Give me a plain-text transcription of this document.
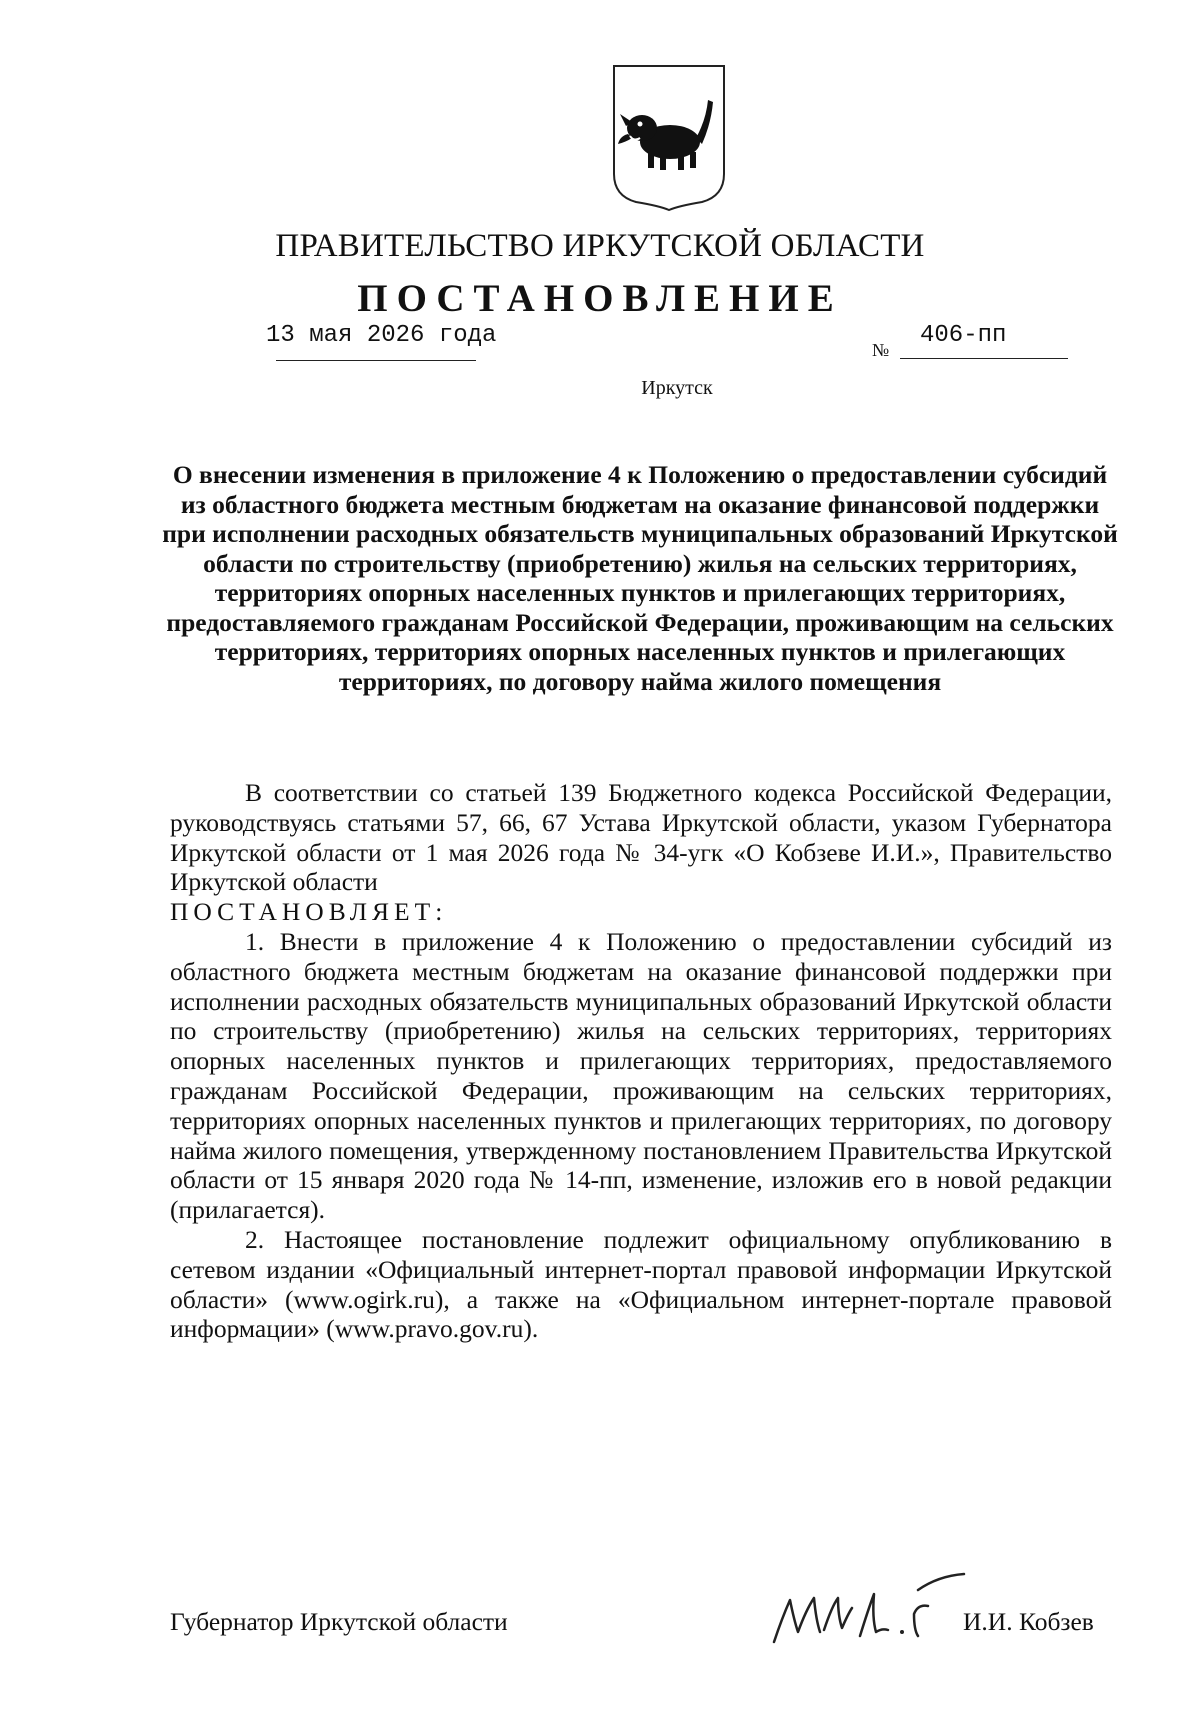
ПРАВИТЕЛЬСТВО ИРКУТСКОЙ ОБЛАСТИ
ПОСТАНОВЛЕНИЕ
13 мая 2026 года
№
406-пп
Иркутск
О внесении изменения в приложение 4 к Положению о предоставлении субсидий из областного бюджета местным бюджетам на оказание финансовой поддержки при исполнении расходных обязательств муниципальных образований Иркутской области по строительству (приобретению) жилья на сельских территориях, территориях опорных населенных пунктов и прилегающих территориях, предоставляемого гражданам Российской Федерации, проживающим на сельских территориях, территориях опорных населенных пунктов и прилегающих территориях, по договору найма жилого помещения

В соответствии со статьей 139 Бюджетного кодекса Российской Федерации, руководствуясь статьями 57, 66, 67 Устава Иркутской области, указом Губернатора Иркутской области от 1 мая 2026 года № 34-угк «О Кобзеве И.И.», Правительство Иркутской области

ПОСТАНОВЛЯЕТ:

1. Внести в приложение 4 к Положению о предоставлении субсидий из областного бюджета местным бюджетам на оказание финансовой поддержки при исполнении расходных обязательств муниципальных образований Иркутской области по строительству (приобретению) жилья на сельских территориях, территориях опорных населенных пунктов и прилегающих территориях, предоставляемого гражданам Российской Федерации, проживающим на сельских территориях, территориях опорных населенных пунктов и прилегающих территориях, по договору найма жилого помещения, утвержденному постановлением Правительства Иркутской области от 15 января 2020 года № 14-пп, изменение, изложив его в новой редакции (прилагается).

2. Настоящее постановление подлежит официальному опубликованию в сетевом издании «Официальный интернет-портал правовой информации Иркутской области» (www.ogirk.ru), а также на «Официальном интернет-портале правовой информации» (www.pravo.gov.ru).

Губернатор Иркутской области	И.И. Кобзев
